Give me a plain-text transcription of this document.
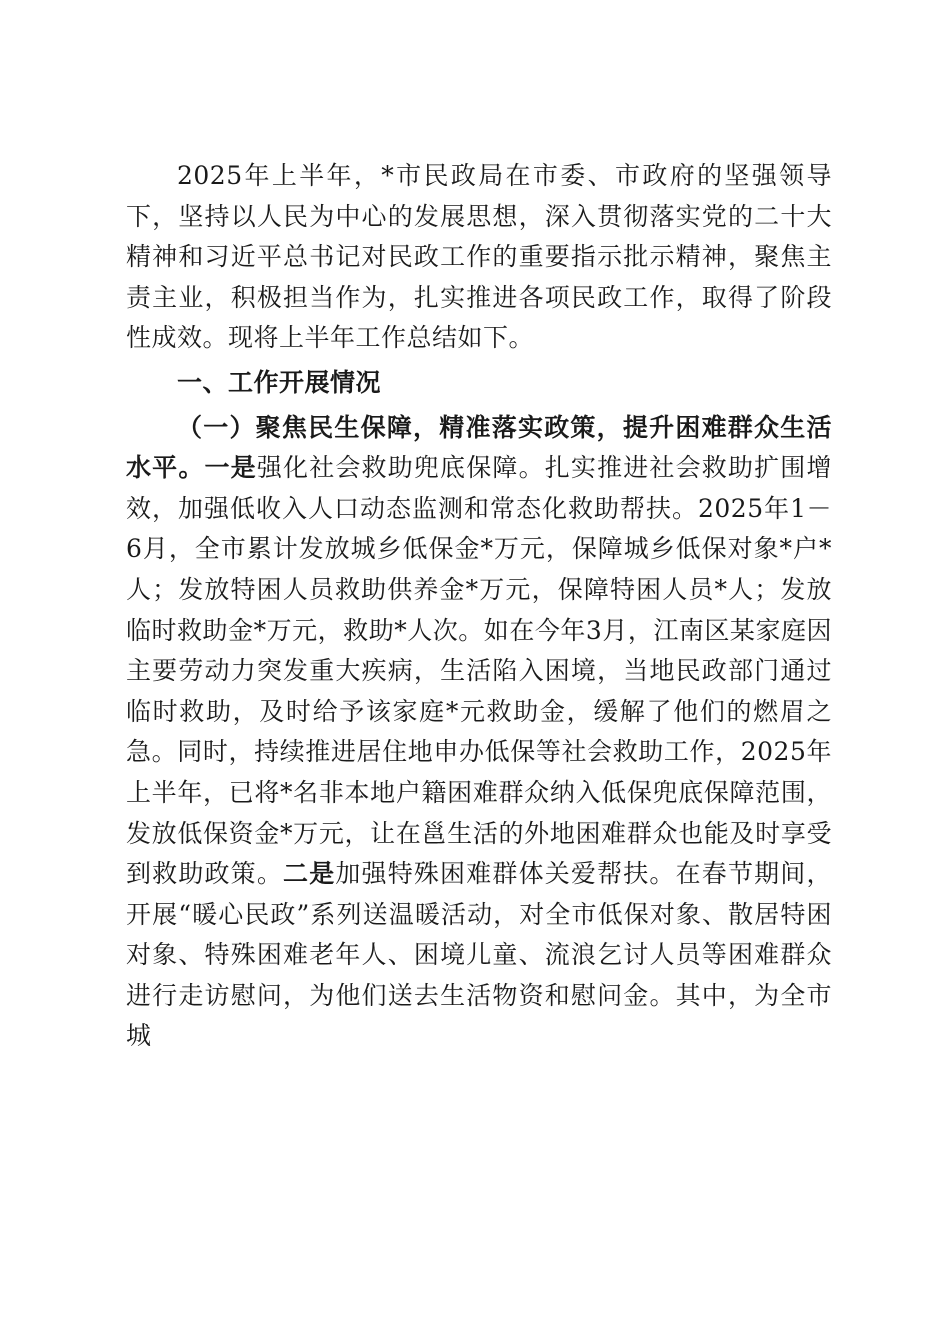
2025年上半年，*市民政局在市委、市政府的坚强领导下，坚持以人民为中心的发展思想，深入贯彻落实党的二十大精神和习近平总书记对民政工作的重要指示批示精神，聚焦主责主业，积极担当作为，扎实推进各项民政工作，取得了阶段性成效。现将上半年工作总结如下。

一、工作开展情况

（一）聚焦民生保障，精准落实政策，提升困难群众生活水平。一是强化社会救助兜底保障。扎实推进社会救助扩围增效，加强低收入人口动态监测和常态化救助帮扶。2025年1－6月，全市累计发放城乡低保金*万元，保障城乡低保对象*户*人；发放特困人员救助供养金*万元，保障特困人员*人；发放临时救助金*万元，救助*人次。如在今年3月，江南区某家庭因主要劳动力突发重大疾病，生活陷入困境，当地民政部门通过临时救助，及时给予该家庭*元救助金，缓解了他们的燃眉之急。同时，持续推进居住地申办低保等社会救助工作，2025年上半年，已将*名非本地户籍困难群众纳入低保兜底保障范围，发放低保资金*万元，让在邕生活的外地困难群众也能及时享受到救助政策。二是加强特殊困难群体关爱帮扶。在春节期间，开展“暖心民政”系列送温暖活动，对全市低保对象、散居特困对象、特殊困难老年人、困境儿童、流浪乞讨人员等困难群众进行走访慰问，为他们送去生活物资和慰问金。其中，为全市城
